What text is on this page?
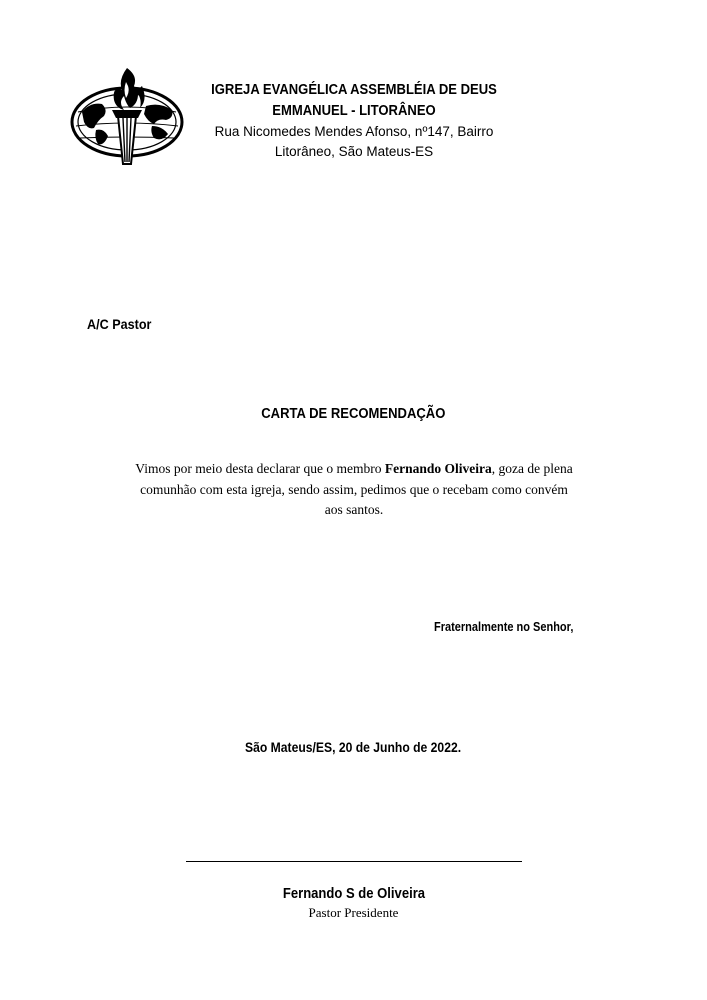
IGREJA EVANGÉLICA ASSEMBLÉIA DE DEUS
EMMANUEL - LITORÂNEO
Rua Nicomedes Mendes Afonso, nº147, Bairro
Litorâneo, São Mateus-ES
A/C Pastor
CARTA DE RECOMENDAÇÃO
Vimos por meio desta declarar que o membro Fernando Oliveira, goza de plena comunhão com esta igreja, sendo assim, pedimos que o recebam como convém aos santos.
Fraternalmente no Senhor,
São Mateus/ES, 20 de Junho de 2022.
Fernando S de Oliveira
Pastor Presidente
